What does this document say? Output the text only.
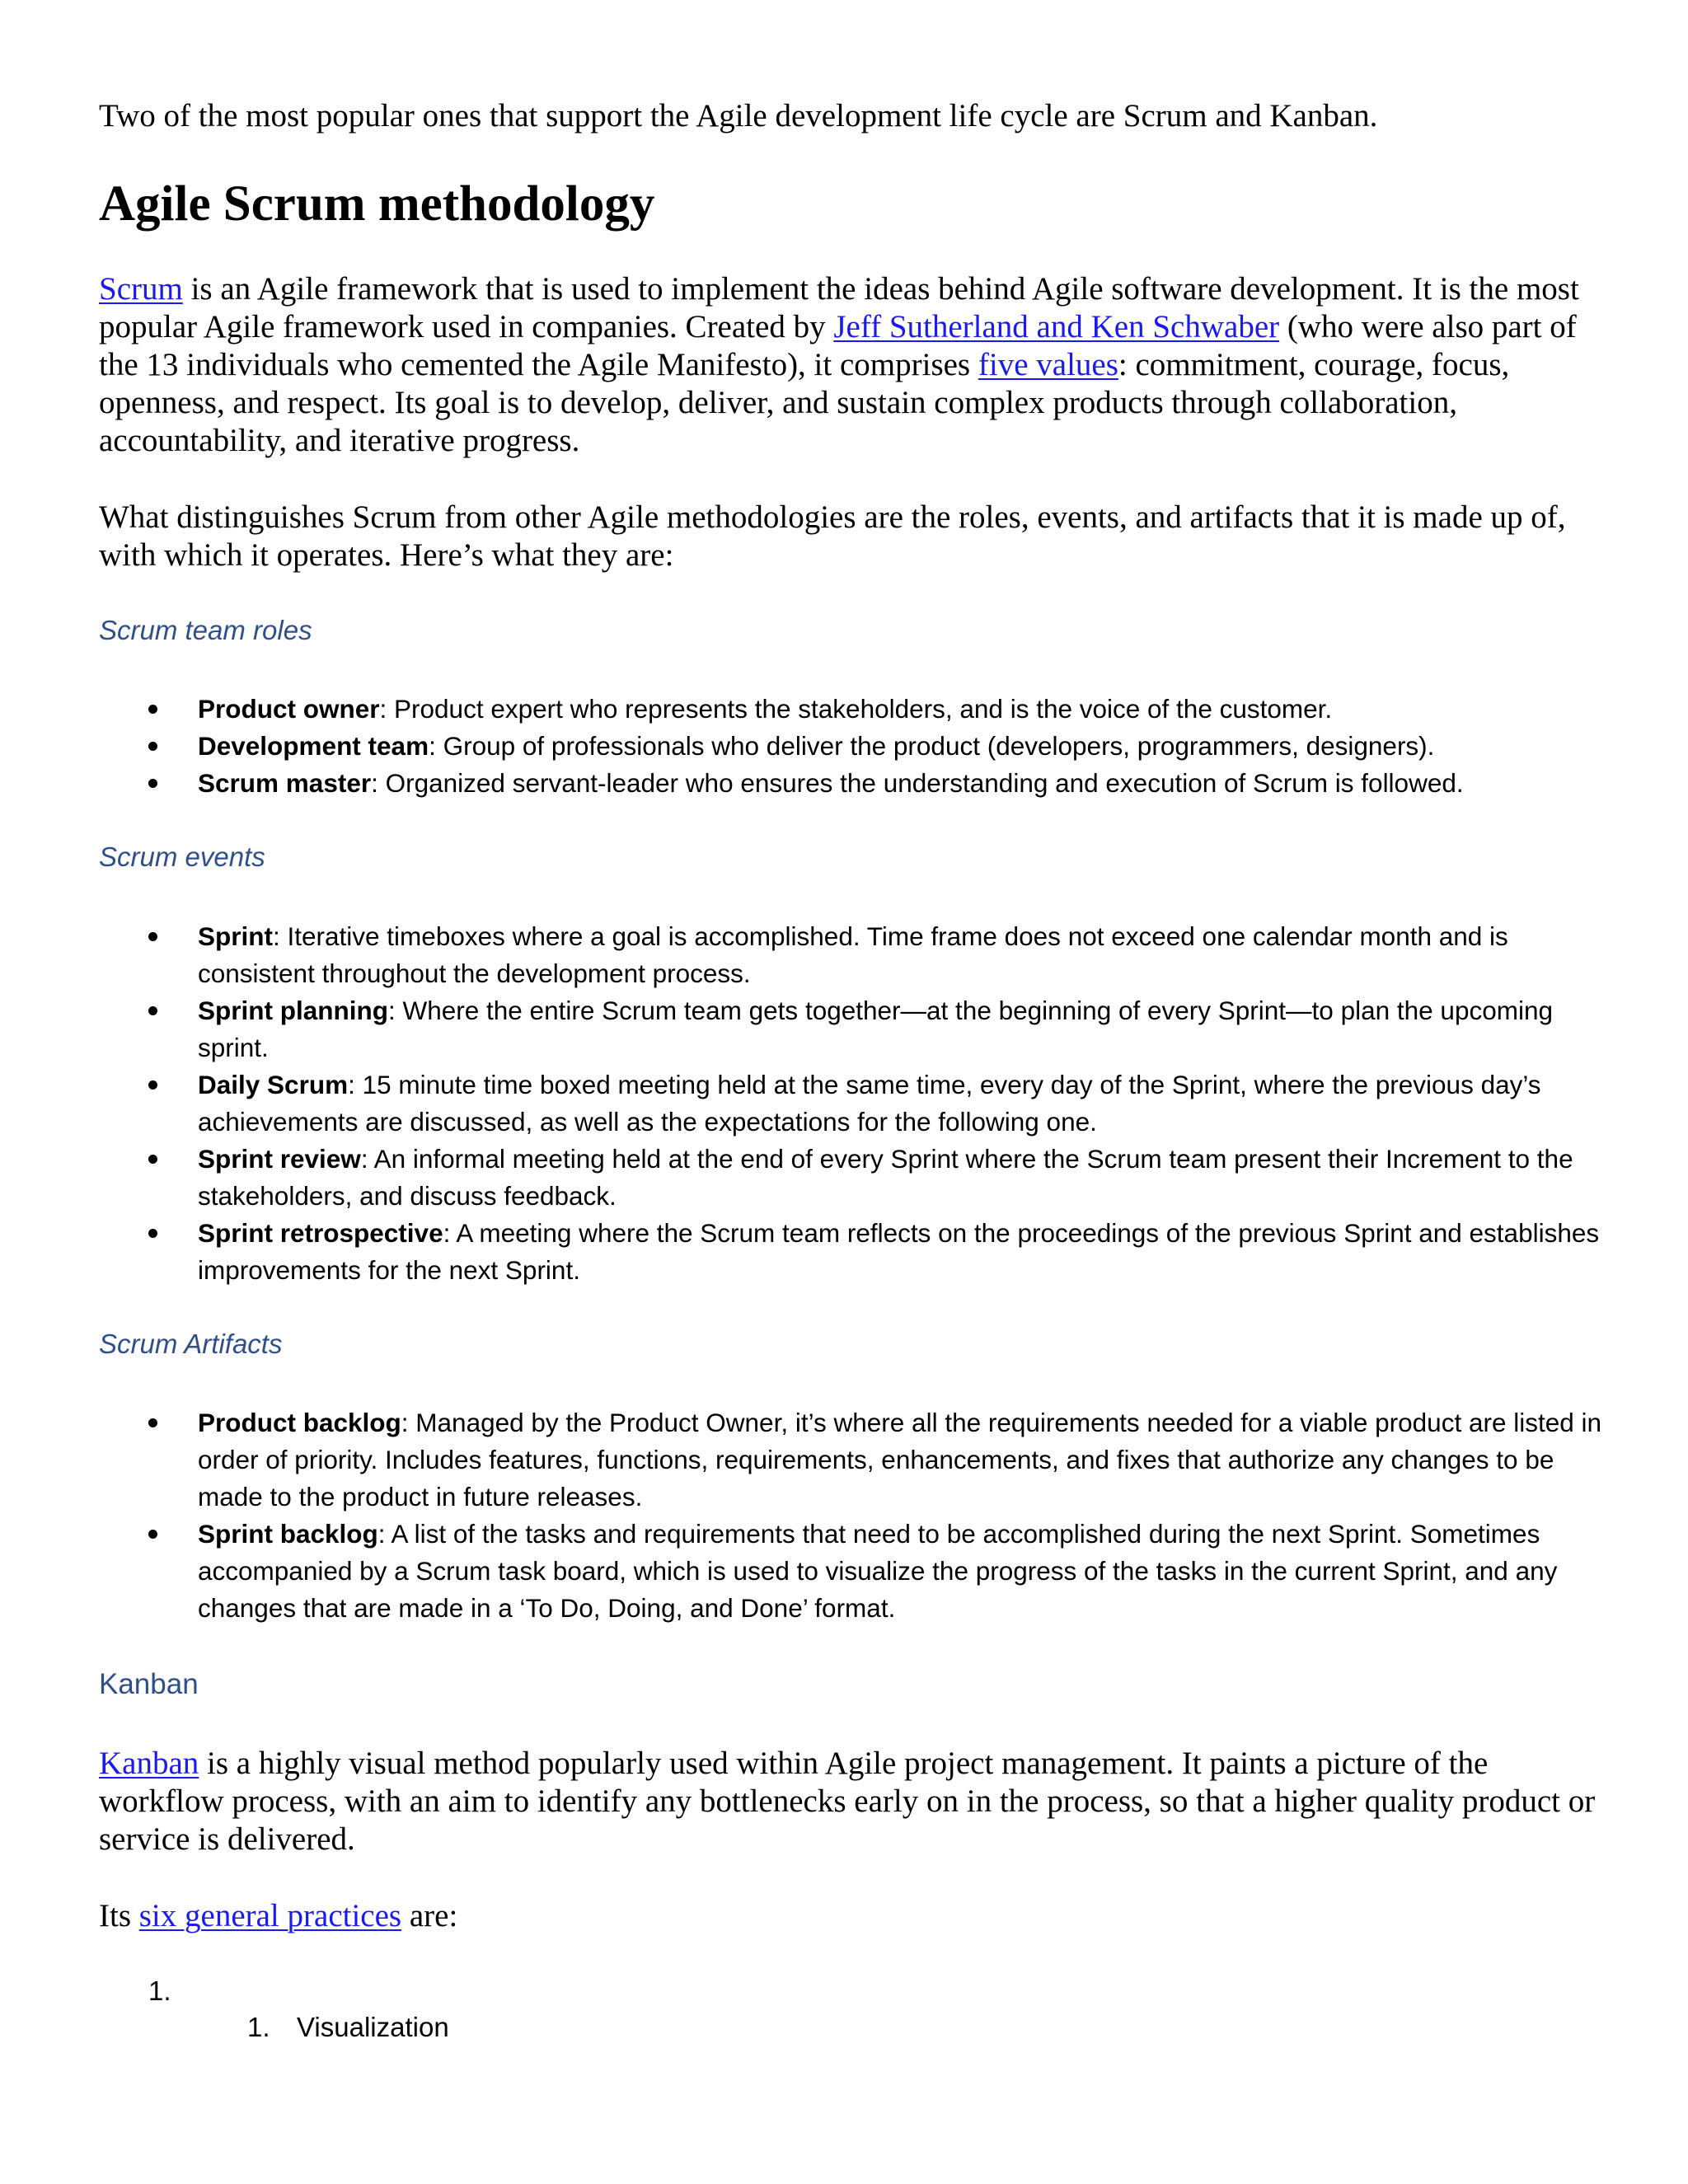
Two of the most popular ones that support the Agile development life cycle are Scrum and Kanban.
Agile Scrum methodology

Scrum is an Agile framework that is used to implement the ideas behind Agile software development. It is the most popular Agile framework used in companies. Created by Jeff Sutherland and Ken Schwaber (who were also part of the 13 individuals who cemented the Agile Manifesto), it comprises five values: commitment, courage, focus, openness, and respect. Its goal is to develop, deliver, and sustain complex products through collaboration, accountability, and iterative progress.

What distinguishes Scrum from other Agile methodologies are the roles, events, and artifacts that it is made up of, with which it operates. Here’s what they are:

Scrum team roles
Product owner: Product expert who represents the stakeholders, and is the voice of the customer.
Development team: Group of professionals who deliver the product (developers, programmers, designers).
Scrum master: Organized servant-leader who ensures the understanding and execution of Scrum is followed.
Scrum events
Sprint: Iterative timeboxes where a goal is accomplished. Time frame does not exceed one calendar month and is consistent throughout the development process.
Sprint planning: Where the entire Scrum team gets together—at the beginning of every Sprint—to plan the upcoming sprint.
Daily Scrum: 15 minute time boxed meeting held at the same time, every day of the Sprint, where the previous day’s achievements are discussed, as well as the expectations for the following one.
Sprint review: An informal meeting held at the end of every Sprint where the Scrum team present their Increment to the stakeholders, and discuss feedback.
Sprint retrospective: A meeting where the Scrum team reflects on the proceedings of the previous Sprint and establishes improvements for the next Sprint.
Scrum Artifacts
Product backlog: Managed by the Product Owner, it’s where all the requirements needed for a viable product are listed in order of priority. Includes features, functions, requirements, enhancements, and fixes that authorize any changes to be made to the product in future releases.
Sprint backlog: A list of the tasks and requirements that need to be accomplished during the next Sprint. Sometimes accompanied by a Scrum task board, which is used to visualize the progress of the tasks in the current Sprint, and any changes that are made in a ‘To Do, Doing, and Done’ format.
Kanban

Kanban is a highly visual method popularly used within Agile project management. It paints a picture of the workflow process, with an aim to identify any bottlenecks early on in the process, so that a higher quality product or service is delivered.

Its six general practices are:

1.
1. Visualization
